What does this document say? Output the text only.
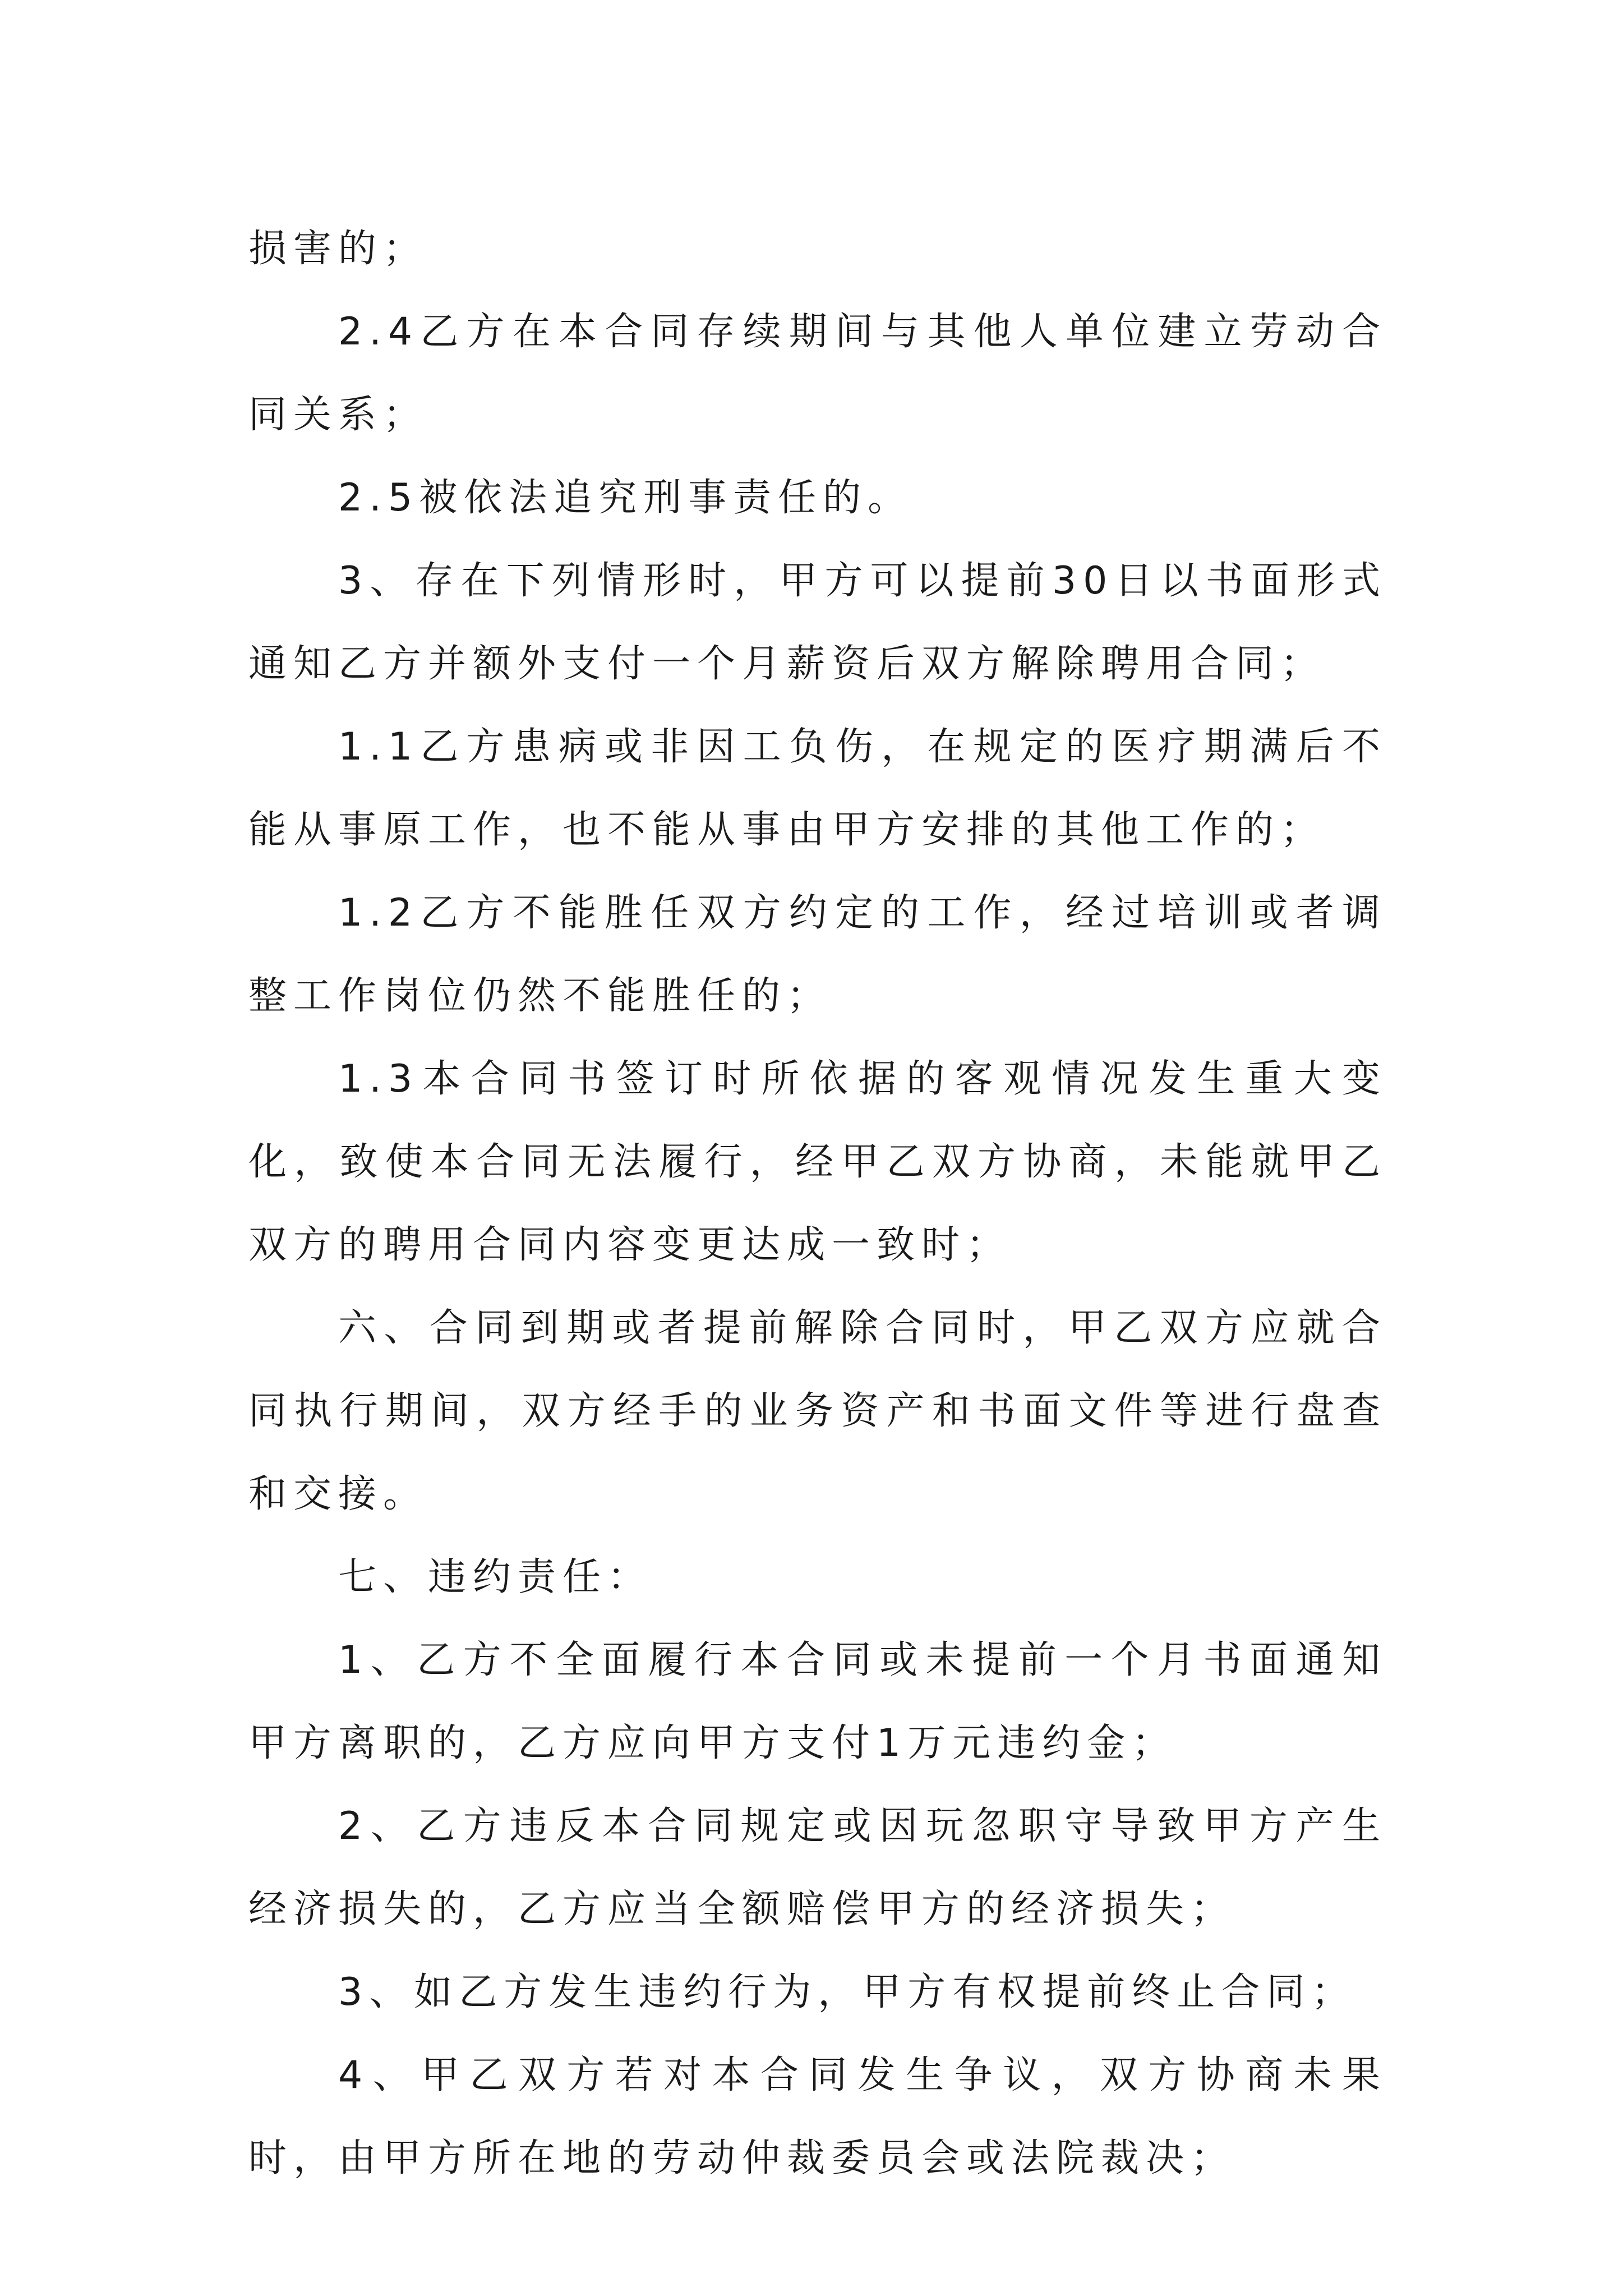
损害的；

2.4乙方在本合同存续期间与其他人单位建立劳动合同关系；

2.5被依法追究刑事责任的。

3、存在下列情形时，甲方可以提前30日以书面形式通知乙方并额外支付一个月薪资后双方解除聘用合同；

1.1乙方患病或非因工负伤，在规定的医疗期满后不能从事原工作，也不能从事由甲方安排的其他工作的；

1.2乙方不能胜任双方约定的工作，经过培训或者调整工作岗位仍然不能胜任的；

1.3本合同书签订时所依据的客观情况发生重大变化，致使本合同无法履行，经甲乙双方协商，未能就甲乙双方的聘用合同内容变更达成一致时；

六、合同到期或者提前解除合同时，甲乙双方应就合同执行期间，双方经手的业务资产和书面文件等进行盘查和交接。

七、违约责任：

1、乙方不全面履行本合同或未提前一个月书面通知甲方离职的，乙方应向甲方支付1万元违约金；

2、乙方违反本合同规定或因玩忽职守导致甲方产生经济损失的，乙方应当全额赔偿甲方的经济损失；

3、如乙方发生违约行为，甲方有权提前终止合同；

4、甲乙双方若对本合同发生争议，双方协商未果时，由甲方所在地的劳动仲裁委员会或法院裁决；
